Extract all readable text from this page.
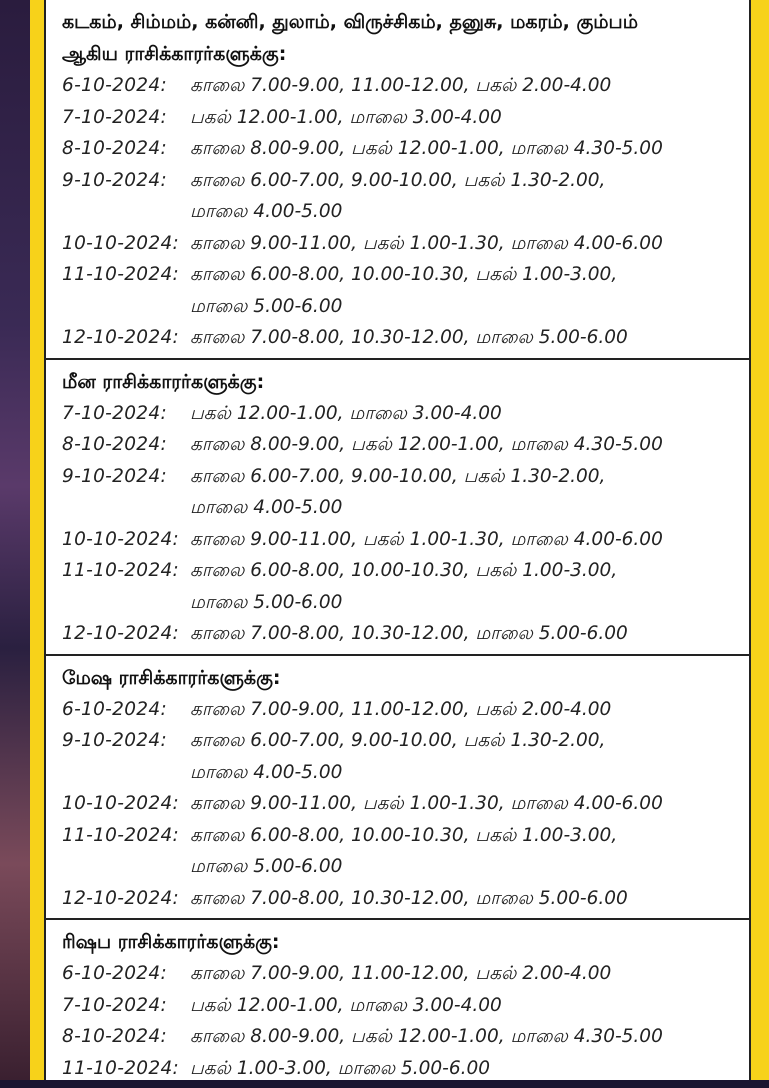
கடகம், சிம்மம், கன்னி, துலாம், விருச்சிகம், தனுசு, மகரம், கும்பம்
ஆகிய ராசிக்காரர்களுக்கு:
6-10-2024:	காலை 7.00-9.00, 11.00-12.00, பகல் 2.00-4.00
7-10-2024:	பகல் 12.00-1.00, மாலை 3.00-4.00
8-10-2024:	காலை 8.00-9.00, பகல் 12.00-1.00, மாலை 4.30-5.00
9-10-2024:	காலை 6.00-7.00, 9.00-10.00, பகல் 1.30-2.00,
மாலை 4.00-5.00
10-10-2024: காலை 9.00-11.00, பகல் 1.00-1.30, மாலை 4.00-6.00
11-10-2024: காலை 6.00-8.00, 10.00-10.30, பகல் 1.00-3.00,
மாலை 5.00-6.00
12-10-2024: காலை 7.00-8.00, 10.30-12.00, மாலை 5.00-6.00
மீன ராசிக்காரர்களுக்கு:
7-10-2024:	பகல் 12.00-1.00, மாலை 3.00-4.00
8-10-2024:	காலை 8.00-9.00, பகல் 12.00-1.00, மாலை 4.30-5.00
9-10-2024:	காலை 6.00-7.00, 9.00-10.00, பகல் 1.30-2.00,
மாலை 4.00-5.00
10-10-2024: காலை 9.00-11.00, பகல் 1.00-1.30, மாலை 4.00-6.00
11-10-2024: காலை 6.00-8.00, 10.00-10.30, பகல் 1.00-3.00,
மாலை 5.00-6.00
12-10-2024: காலை 7.00-8.00, 10.30-12.00, மாலை 5.00-6.00
மேஷ ராசிக்காரர்களுக்கு:
6-10-2024:	காலை 7.00-9.00, 11.00-12.00, பகல் 2.00-4.00
9-10-2024:	காலை 6.00-7.00, 9.00-10.00, பகல் 1.30-2.00,
மாலை 4.00-5.00
10-10-2024: காலை 9.00-11.00, பகல் 1.00-1.30, மாலை 4.00-6.00
11-10-2024: காலை 6.00-8.00, 10.00-10.30, பகல் 1.00-3.00,
மாலை 5.00-6.00
12-10-2024: காலை 7.00-8.00, 10.30-12.00, மாலை 5.00-6.00
ரிஷப ராசிக்காரர்களுக்கு:
6-10-2024:	காலை 7.00-9.00, 11.00-12.00, பகல் 2.00-4.00
7-10-2024:	பகல் 12.00-1.00, மாலை 3.00-4.00
8-10-2024:	காலை 8.00-9.00, பகல் 12.00-1.00, மாலை 4.30-5.00
11-10-2024: பகல் 1.00-3.00, மாலை 5.00-6.00
